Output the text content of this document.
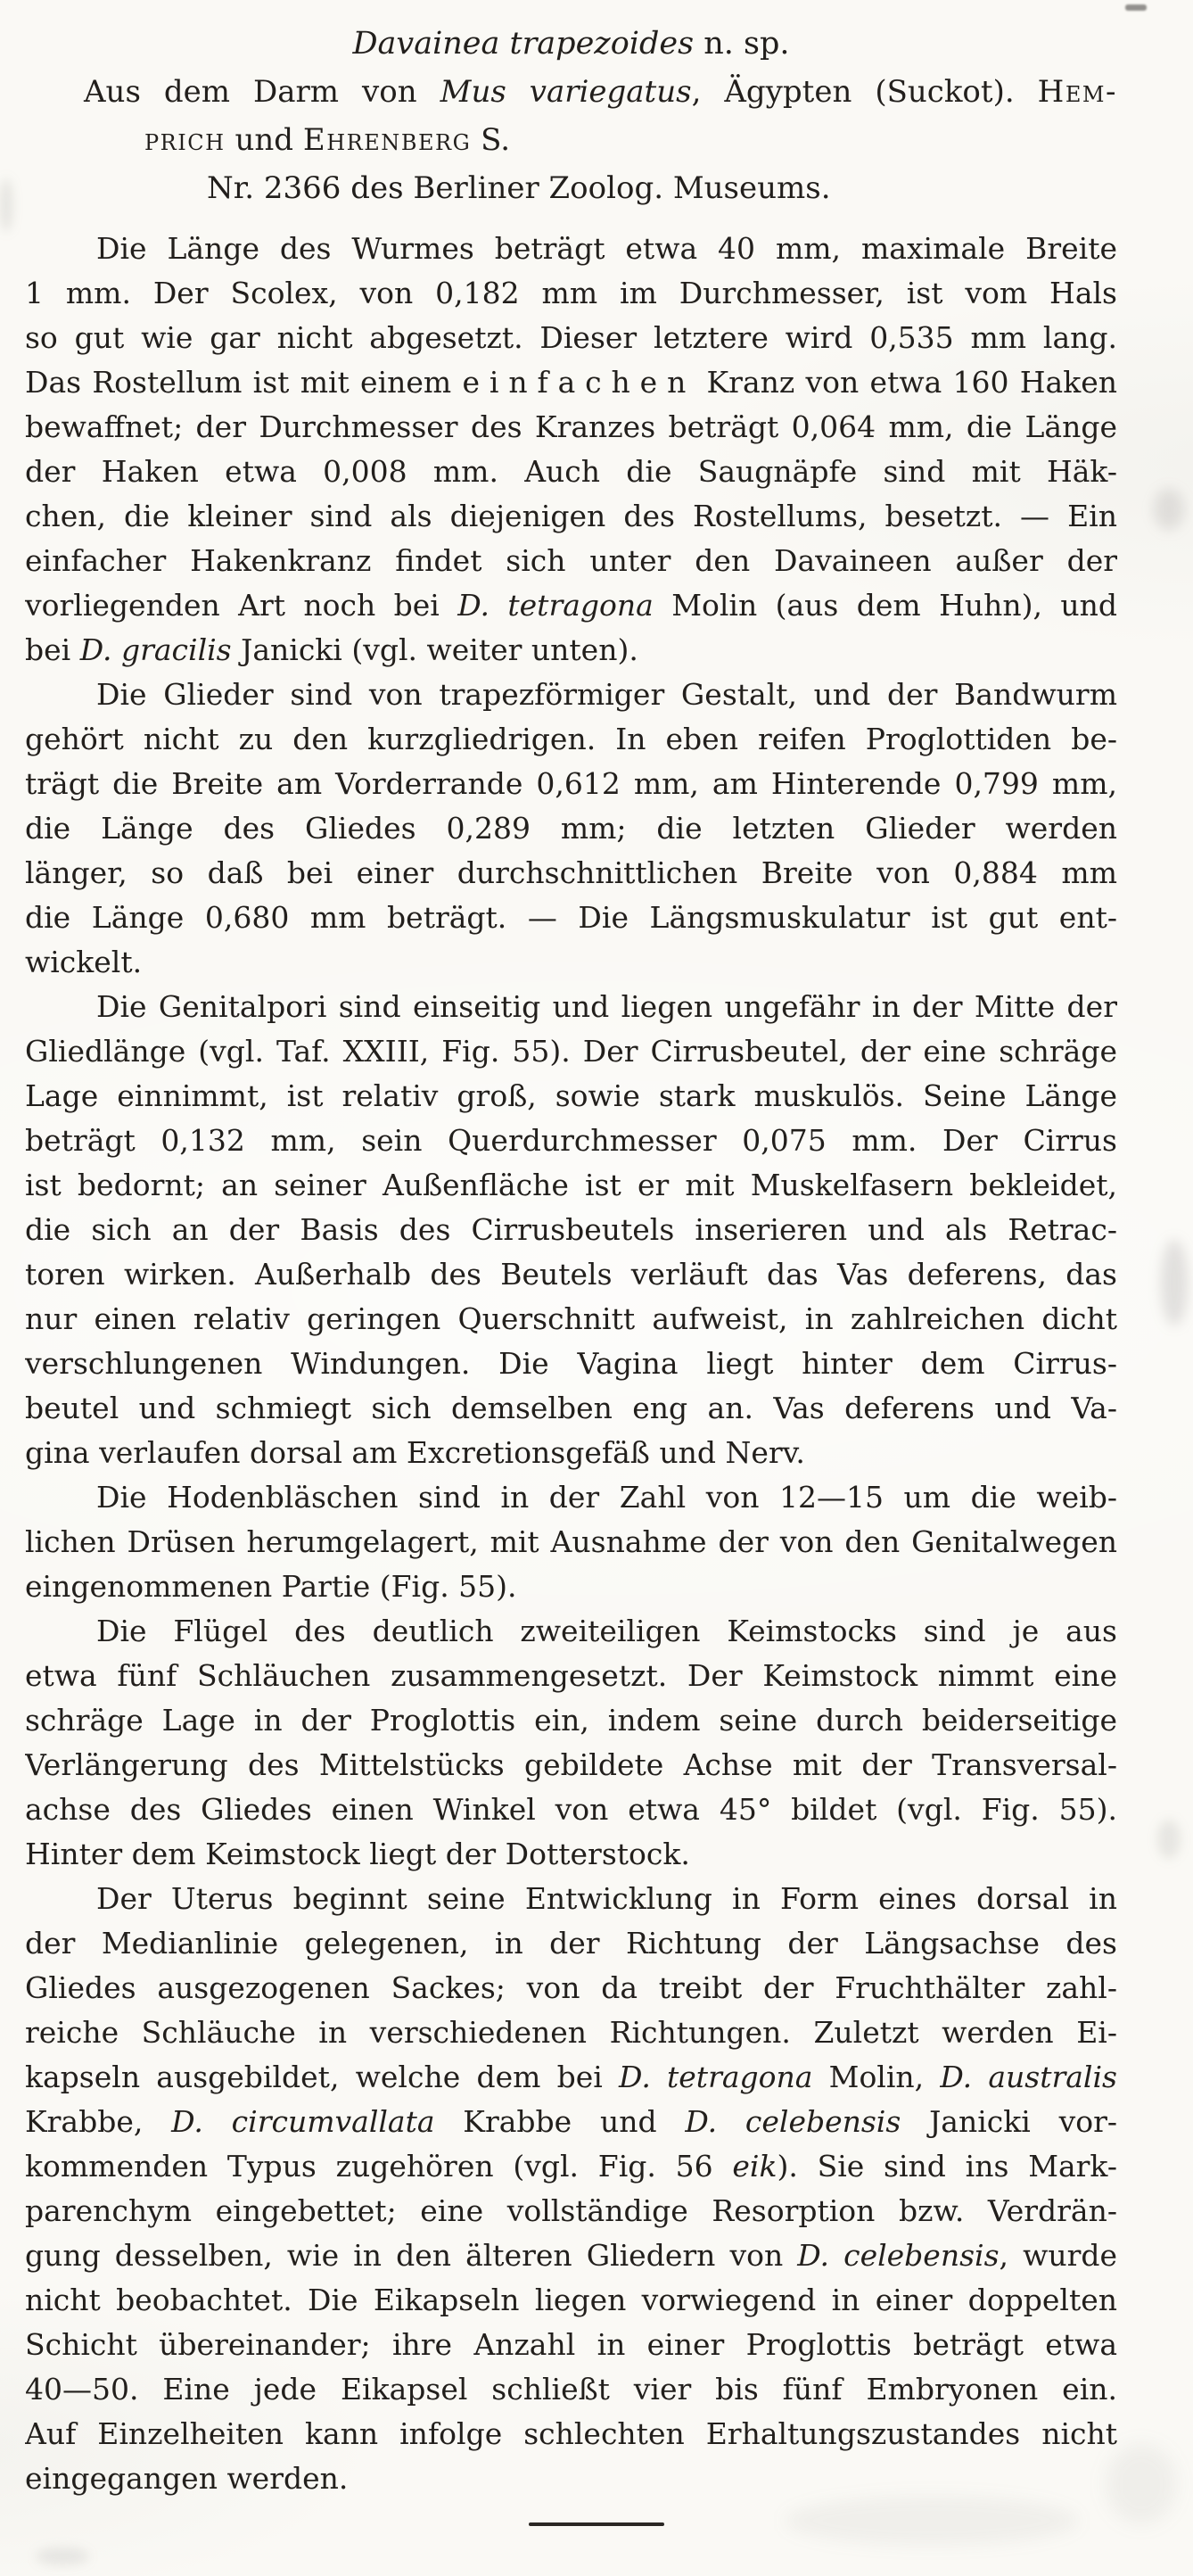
Davainea trapezoides n. sp.
Aus dem Darm von Mus variegatus, Ägypten (Suckot). Hem-
prich und Ehrenberg S.
Nr. 2366 des Berliner Zoolog. Museums.
Die Länge des Wurmes beträgt etwa 40 mm, maximale Breite
1 mm. Der Scolex, von 0,182 mm im Durchmesser, ist vom Hals
so gut wie gar nicht abgesetzt. Dieser letztere wird 0,535 mm lang.
Das Rostellum ist mit einem einfachen Kranz von etwa 160 Haken
bewaffnet; der Durchmesser des Kranzes beträgt 0,064 mm, die Länge
der Haken etwa 0,008 mm. Auch die Saugnäpfe sind mit Häk-
chen, die kleiner sind als diejenigen des Rostellums, besetzt. — Ein
einfacher Hakenkranz findet sich unter den Davaineen außer der
vorliegenden Art noch bei D. tetragona Molin (aus dem Huhn), und
bei D. gracilis Janicki (vgl. weiter unten).
Die Glieder sind von trapezförmiger Gestalt, und der Bandwurm
gehört nicht zu den kurzgliedrigen. In eben reifen Proglottiden be-
trägt die Breite am Vorderrande 0,612 mm, am Hinterende 0,799 mm,
die Länge des Gliedes 0,289 mm; die letzten Glieder werden
länger, so daß bei einer durchschnittlichen Breite von 0,884 mm
die Länge 0,680 mm beträgt. — Die Längsmuskulatur ist gut ent-
wickelt.
Die Genitalpori sind einseitig und liegen ungefähr in der Mitte der
Gliedlänge (vgl. Taf. XXIII, Fig. 55). Der Cirrusbeutel, der eine schräge
Lage einnimmt, ist relativ groß, sowie stark muskulös. Seine Länge
beträgt 0,132 mm, sein Querdurchmesser 0,075 mm. Der Cirrus
ist bedornt; an seiner Außenfläche ist er mit Muskelfasern bekleidet,
die sich an der Basis des Cirrusbeutels inserieren und als Retrac-
toren wirken. Außerhalb des Beutels verläuft das Vas deferens, das
nur einen relativ geringen Querschnitt aufweist, in zahlreichen dicht
verschlungenen Windungen. Die Vagina liegt hinter dem Cirrus-
beutel und schmiegt sich demselben eng an. Vas deferens und Va-
gina verlaufen dorsal am Excretionsgefäß und Nerv.
Die Hodenbläschen sind in der Zahl von 12—15 um die weib-
lichen Drüsen herumgelagert, mit Ausnahme der von den Genitalwegen
eingenommenen Partie (Fig. 55).
Die Flügel des deutlich zweiteiligen Keimstocks sind je aus
etwa fünf Schläuchen zusammengesetzt. Der Keimstock nimmt eine
schräge Lage in der Proglottis ein, indem seine durch beiderseitige
Verlängerung des Mittelstücks gebildete Achse mit der Transversal-
achse des Gliedes einen Winkel von etwa 45° bildet (vgl. Fig. 55).
Hinter dem Keimstock liegt der Dotterstock.
Der Uterus beginnt seine Entwicklung in Form eines dorsal in
der Medianlinie gelegenen, in der Richtung der Längsachse des
Gliedes ausgezogenen Sackes; von da treibt der Fruchthälter zahl-
reiche Schläuche in verschiedenen Richtungen. Zuletzt werden Ei-
kapseln ausgebildet, welche dem bei D. tetragona Molin, D. australis
Krabbe, D. circumvallata Krabbe und D. celebensis Janicki vor-
kommenden Typus zugehören (vgl. Fig. 56 eik). Sie sind ins Mark-
parenchym eingebettet; eine vollständige Resorption bzw. Verdrän-
gung desselben, wie in den älteren Gliedern von D. celebensis, wurde
nicht beobachtet. Die Eikapseln liegen vorwiegend in einer doppelten
Schicht übereinander; ihre Anzahl in einer Proglottis beträgt etwa
40—50. Eine jede Eikapsel schließt vier bis fünf Embryonen ein.
Auf Einzelheiten kann infolge schlechten Erhaltungszustandes nicht
eingegangen werden.
